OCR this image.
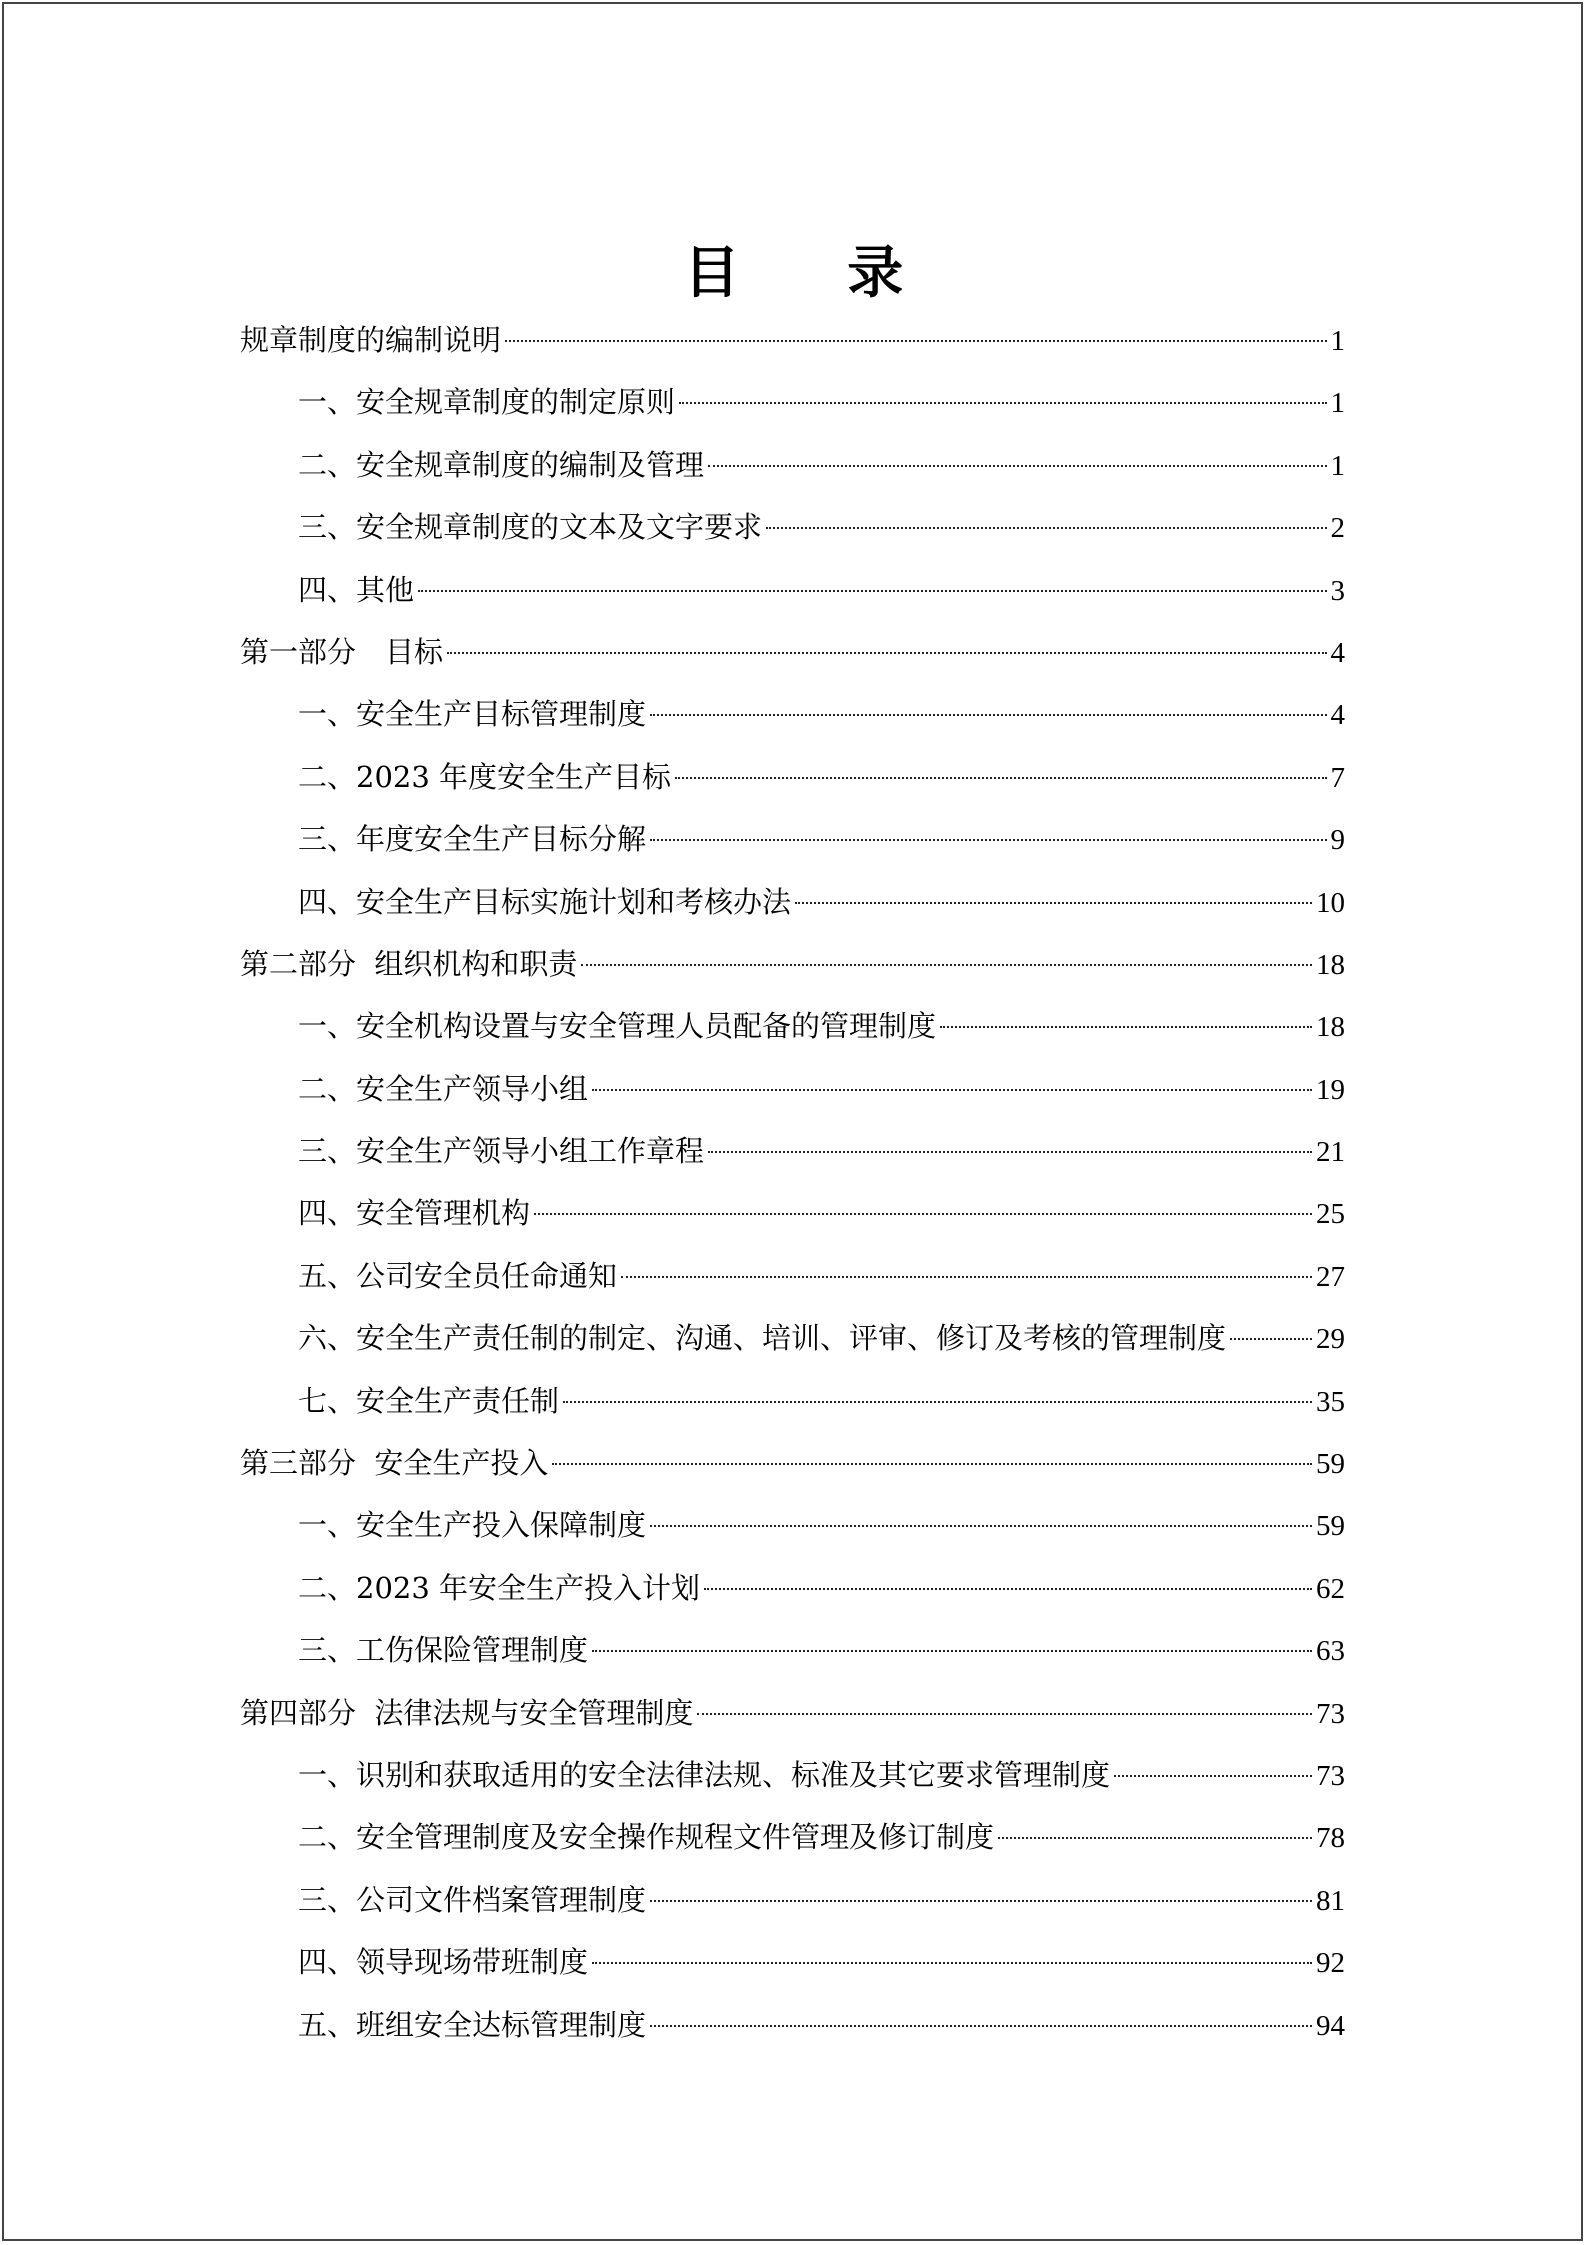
目 录
规章制度的编制说明	1
一、安全规章制度的制定原则	1
二、安全规章制度的编制及管理	1
三、安全规章制度的文本及文字要求	2
四、其他	3
第一部分　目标	4
一、安全生产目标管理制度	4
二、2023 年度安全生产目标	7
三、年度安全生产目标分解	9
四、安全生产目标实施计划和考核办法	10
第二部分  组织机构和职责	18
一、安全机构设置与安全管理人员配备的管理制度	18
二、安全生产领导小组	19
三、安全生产领导小组工作章程	21
四、安全管理机构	25
五、公司安全员任命通知	27
六、安全生产责任制的制定、沟通、培训、评审、修订及考核的管理制度	29
七、安全生产责任制	35
第三部分  安全生产投入	59
一、安全生产投入保障制度	59
二、2023 年安全生产投入计划	62
三、工伤保险管理制度	63
第四部分  法律法规与安全管理制度	73
一、识别和获取适用的安全法律法规、标准及其它要求管理制度	73
二、安全管理制度及安全操作规程文件管理及修订制度	78
三、公司文件档案管理制度	81
四、领导现场带班制度	92
五、班组安全达标管理制度	94
